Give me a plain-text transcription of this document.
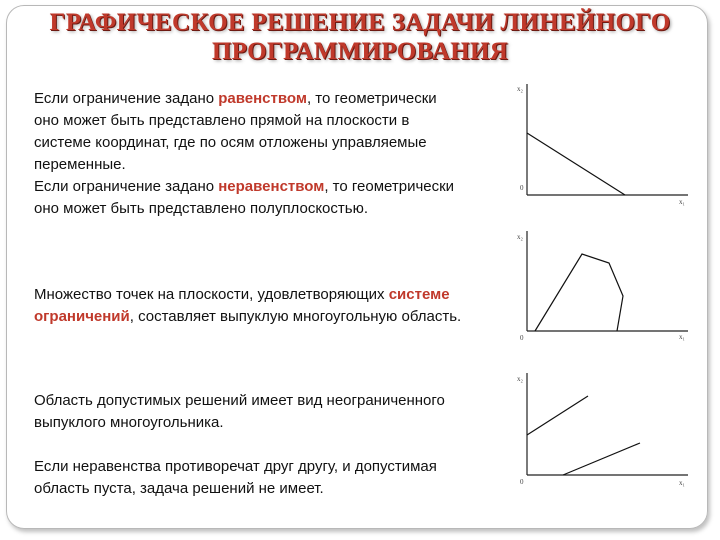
ГРАФИЧЕСКОЕ РЕШЕНИЕ ЗАДАЧИ ЛИНЕЙНОГО
ПРОГРАММИРОВАНИЯ

Если ограничение задано равенством, то геометрически оно может быть представлено прямой на плоскости в системе координат, где по осям отложены управляемые переменные.
Если ограничение задано неравенством, то геометрически оно может быть представлено полуплоскостью.

Множество точек на плоскости, удовлетворяющих системе ограничений, составляет выпуклую многоугольную область.

Область допустимых решений имеет вид неограниченного выпуклого многоугольника.

Если неравенства противоречат друг другу, и допустимая область пуста, задача решений не имеет.

x₂
x₁
0
x₂
x₁
0
x₂
x₁
0
